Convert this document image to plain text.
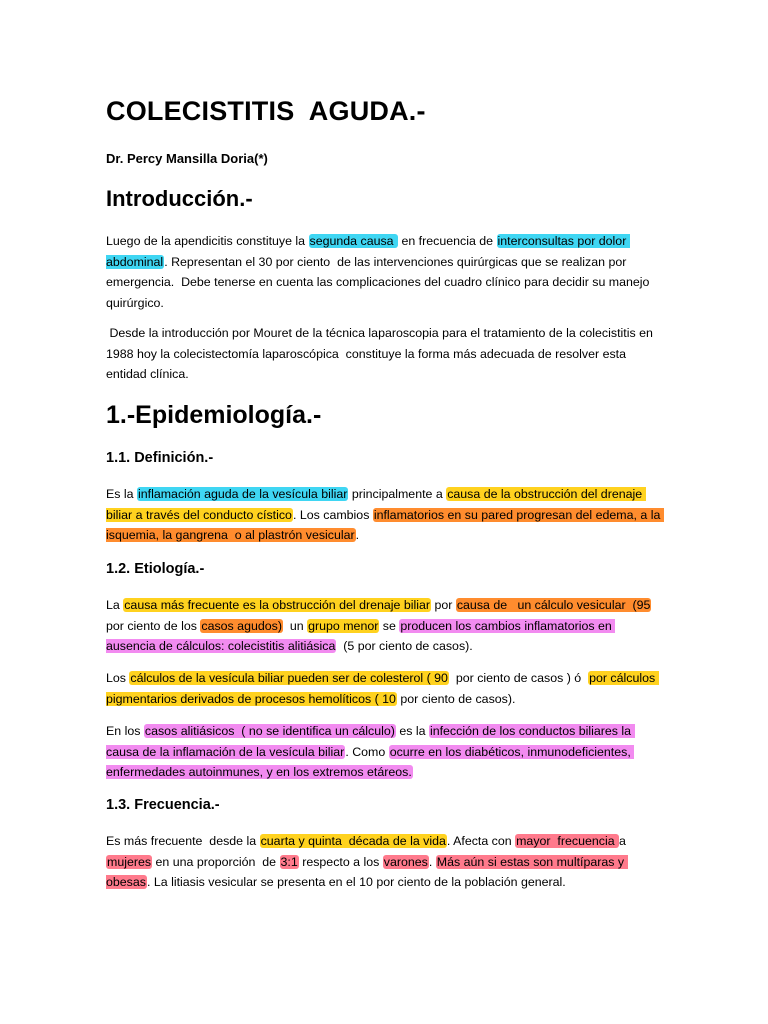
COLECISTITIS  AGUDA.-
Dr. Percy Mansilla Doria(*)
Introducción.-

Luego de la apendicitis constituye la segunda causa  en frecuencia de interconsultas por dolor abdominal. Representan el 30 por ciento  de las intervenciones quirúrgicas que se realizan por emergencia.  Debe tenerse en cuenta las complicaciones del cuadro clínico para decidir su manejo quirúrgico.

Desde la introducción por Mouret de la técnica laparoscopia para el tratamiento de la colecistitis en 1988 hoy la colecistectomía laparoscópica  constituye la forma más adecuada de resolver esta entidad clínica.

1.-Epidemiología.-
1.1. Definición.-

Es la inflamación aguda de la vesícula biliar principalmente a causa de la obstrucción del drenaje biliar a través del conducto cístico. Los cambios inflamatorios en su pared progresan del edema, a la isquemia, la gangrena  o al plastrón vesicular.

1.2. Etiología.-

La causa más frecuente es la obstrucción del drenaje biliar por causa de   un cálculo vesicular  (95 por ciento de los casos agudos)  un grupo menor se producen los cambios inflamatorios en ausencia de cálculos: colecistitis alitiásica  (5 por ciento de casos).

Los cálculos de la vesícula biliar pueden ser de colesterol ( 90  por ciento de casos ) ó  por cálculos pigmentarios derivados de procesos hemolíticos ( 10 por ciento de casos).

En los casos alitiásicos  ( no se identifica un cálculo) es la infección de los conductos biliares la causa de la inflamación de la vesícula biliar. Como ocurre en los diabéticos, inmunodeficientes, enfermedades autoinmunes, y en los extremos etáreos.

1.3. Frecuencia.-

Es más frecuente  desde la cuarta y quinta  década de la vida. Afecta con mayor  frecuencia a mujeres en una proporción  de 3:1 respecto a los varones. Más aún si estas son multíparas y obesas. La litiasis vesicular se presenta en el 10 por ciento de la población general.
